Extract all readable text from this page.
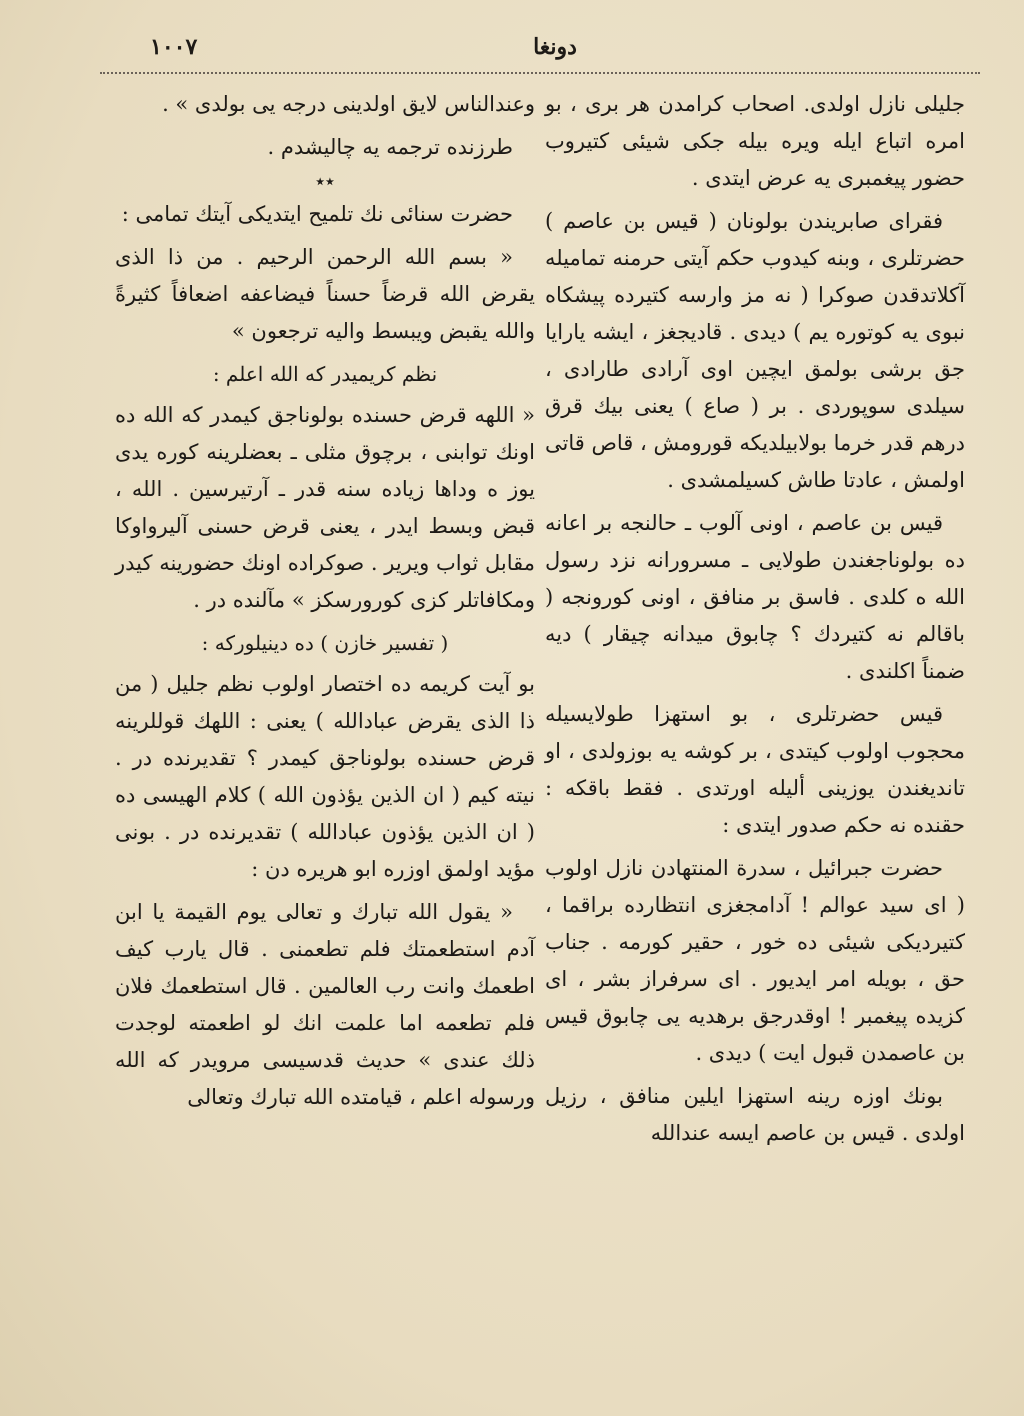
دونغا
١٠٠٧

جليلى نازل اولدى. اصحاب كرامدن هر برى ، بو امره اتباع ايله ويره بيله جكى شيئى كتيروب حضور پيغمبرى يه عرض ايتدى .

فقراى صابريندن بولونان ( قيس بن عاصم ) حضرتلرى ، وبنه كيدوب حكم آيتى حرمنه تماميله آكلاتدقدن صوكرا ( نه مز وارسه كتيرده پيشكاه نبوى يه كوتوره يم ) ديدى . قاديجغز ، ايشه يارايا جق برشى بولمق ايچين اوى آرادى طارادى ، سيلدى سوپوردى . بر ( صاع ) يعنى بيك قرق درهم قدر خرما بولابيلديكه قورومش ، قاص قاتى اولمش ، عادتا طاش كسيلمشدى .

قيس بن عاصم ، اونى آلوب ـ حالنجه بر اعانه ده بولوناجغندن طولايى ـ مسرورانه نزد رسول الله ه كلدى . فاسق بر منافق ، اونى كورونجه ( باقالم نه كتيردك ؟ چابوق ميدانه چيقار ) ديه ضمناً اكلندى .

قيس حضرتلرى ، بو استهزا طولايسيله محجوب اولوب كيتدى ، بر كوشه يه بوزولدى ، او تانديغندن يوزينى أليله اورتدى . فقط باقكه : حقنده نه حكم صدور ايتدى :

حضرت جبرائيل ، سدرة المنتهادن نازل اولوب ( اى سيد عوالم ! آدامجغزى انتظارده براقما ، كتيرديكى شيئى ده خور ، حقير كورمه . جناب حق ، بويله امر ايديور . اى سرفراز بشر ، اى كزيده پيغمبر ! اوقدرجق برهديه يى چابوق قيس بن عاصمدن قبول ايت ) ديدى .

بونك اوزه رينه استهزا ايلين منافق ، رزيل اولدى . قيس بن عاصم ايسه عندالله

وعندالناس لايق اولدينى درجه يى بولدى » .

طرزنده ترجمه يه چاليشدم .

٭٭

حضرت سنائى نك تلميح ايتديكى آيتك تمامى :

« بسم الله الرحمن الرحيم . من ذا الذى يقرض الله قرضاً حسناً فيضاعفه اضعافاً كثيرةً والله يقبض ويبسط واليه ترجعون »

نظم كريميدر كه الله اعلم :

« اللهه قرض حسنده بولوناجق كيمدر كه الله ده اونك توابنى ، برچوق مثلى ـ بعضلرينه كوره يدى يوز ه وداها زياده سنه قدر ـ آرتيرسين . الله ، قبض وبسط ايدر ، يعنى قرض حسنى آليرواوكا مقابل ثواب ويرير . صوكراده اونك حضورينه كيدر ومكافاتلر كزى كورورسكز » مآلنده در .

( تفسير خازن ) ده دينيلوركه :

بو آيت كريمه ده اختصار اولوب نظم جليل ( من ذا الذى يقرض عبادالله ) يعنى : اللهك قوللرينه قرض حسنده بولوناجق كيمدر ؟ تقديرنده در . نيته كيم ( ان الذين يؤذون الله ) كلام الهيسى ده ( ان الذين يؤذون عبادالله ) تقديرنده در . بونى مؤيد اولمق اوزره ابو هريره دن :

« يقول الله تبارك و تعالى يوم القيمة يا ابن آدم استطعمتك فلم تطعمنى . قال يارب كيف اطعمك وانت رب العالمين . قال استطعمك فلان فلم تطعمه اما علمت انك لو اطعمته لوجدت ذلك عندى » حديث قدسيسى مرويدر كه الله ورسوله اعلم ، قيامتده الله تبارك وتعالى
